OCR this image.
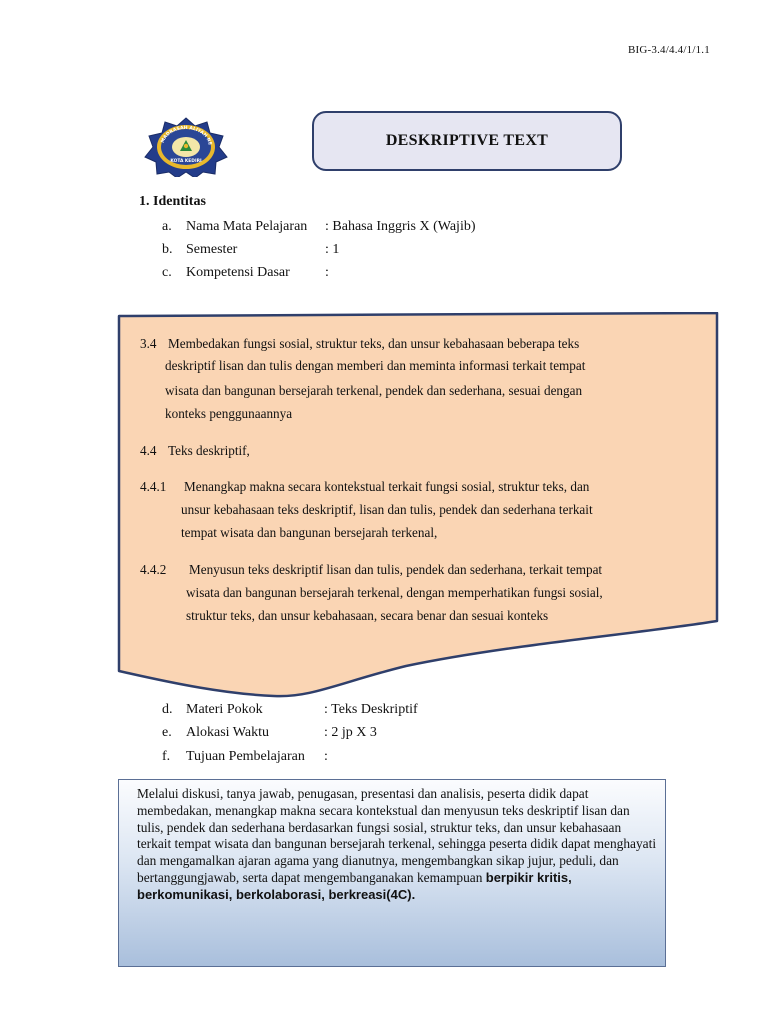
BIG-3.4/4.4/1/1.1
MADRASAH ALIYAH NE
KOTA KEDIRI
DESKRIPTIVE TEXT
1. Identitas
a. Nama Mata Pelajaran : Bahasa Inggris X (Wajib)
b. Semester	: 1
c. Kompetensi Dasar	:
3.4 Membedakan fungsi sosial, struktur teks, dan unsur kebahasaan beberapa teks
deskriptif lisan dan tulis dengan memberi dan meminta informasi terkait tempat
wisata dan bangunan bersejarah terkenal, pendek dan sederhana, sesuai dengan
konteks penggunaannya
4.4 Teks deskriptif,
4.4.1 Menangkap makna secara kontekstual terkait fungsi sosial, struktur teks, dan
unsur kebahasaan teks deskriptif, lisan dan tulis, pendek dan sederhana terkait
tempat wisata dan bangunan bersejarah terkenal,
4.4.2 Menyusun teks deskriptif lisan dan tulis, pendek dan sederhana, terkait tempat
wisata dan bangunan bersejarah terkenal, dengan memperhatikan fungsi sosial,
struktur teks, dan unsur kebahasaan, secara benar dan sesuai konteks
d. Materi Pokok	: Teks Deskriptif
e. Alokasi Waktu	: 2 jp X 3
f. Tujuan Pembelajaran :
Melalui diskusi, tanya jawab, penugasan, presentasi dan analisis, peserta didik dapat membedakan, menangkap makna secara kontekstual dan menyusun teks deskriptif lisan dan tulis, pendek dan sederhana berdasarkan fungsi sosial, struktur teks, dan unsur kebahasaan terkait tempat wisata dan bangunan bersejarah terkenal, sehingga peserta didik dapat menghayati dan mengamalkan ajaran agama yang dianutnya, mengembangkan sikap jujur, peduli, dan bertanggungjawab, serta dapat mengembanganakan kemampuan berpikir kritis, berkomunikasi, berkolaborasi, berkreasi(4C).
